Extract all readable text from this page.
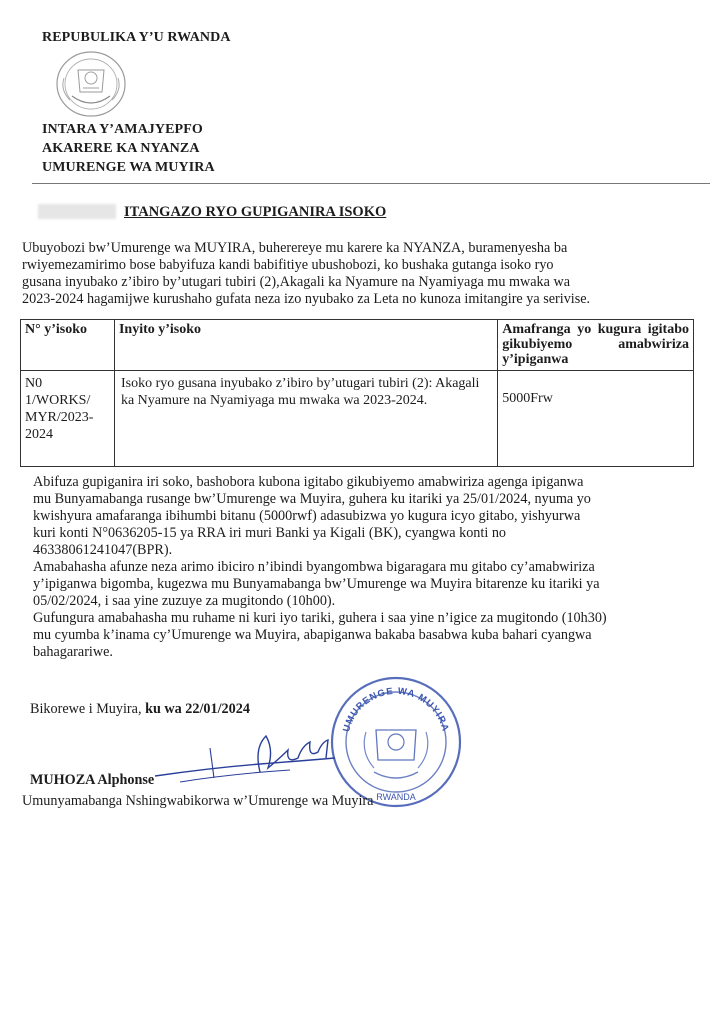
REPUBULIKA Y’U RWANDA
INTARA Y’AMAJYEPFO
AKARERE KA NYANZA
UMURENGE WA MUYIRA
ITANGAZO RYO GUPIGANIRA ISOKO

Ubuyobozi bw’Umurenge wa MUYIRA, buherereye mu karere ka NYANZA, buramenyesha ba

rwiyemezamirimo bose babyifuza kandi babifitiye ubushobozi, ko bushaka gutanga isoko ryo

gusana inyubako z’ibiro by’utugari tubiri (2),Akagali ka Nyamure na Nyamiyaga mu mwaka wa

2023-2024 hagamijwe kurushaho gufata neza izo nyubako za Leta no kunoza imitangire ya serivise.

N° y’isoko	Inyito y’isoko	Amafranga yo kugura igitabo gikubiyemo amabwiriza y’ipiganwa
N0 1/WORKS/ MYR/2023- 2024	Isoko ryo gusana inyubako z’ibiro by’utugari tubiri (2): Akagali ka Nyamure na Nyamiyaga mu mwaka wa 2023-2024.	5000Frw

Abifuza gupiganira iri soko, bashobora kubona igitabo gikubiyemo amabwiriza agenga ipiganwa

mu Bunyamabanga rusange bw’Umurenge wa Muyira, guhera ku itariki ya 25/01/2024, nyuma yo

kwishyura amafaranga ibihumbi bitanu (5000rwf) adasubizwa yo kugura icyo gitabo, yishyurwa

kuri konti N°0636205-15 ya RRA iri muri Banki ya Kigali (BK), cyangwa konti no

46338061241047(BPR).

Amabahasha afunze neza arimo ibiciro n’ibindi byangombwa bigaragara mu gitabo cy’amabwiriza

y’ipiganwa bigomba, kugezwa mu Bunyamabanga bw’Umurenge wa Muyira bitarenze ku itariki ya

05/02/2024, i saa yine zuzuye za mugitondo (10h00).

Gufungura amabahasha mu ruhame ni kuri iyo tariki, guhera i saa yine n’igice za mugitondo (10h30)

mu cyumba k’inama cy’Umurenge wa Muyira, abapiganwa bakaba basabwa kuba bahari cyangwa

bahagarariwe.

Bikorewe i Muyira, ku wa 22/01/2024
UMURENGE WA MUYIRA
RWANDA
MUHOZA Alphonse
Umunyamabanga Nshingwabikorwa w’Umurenge wa Muyira
